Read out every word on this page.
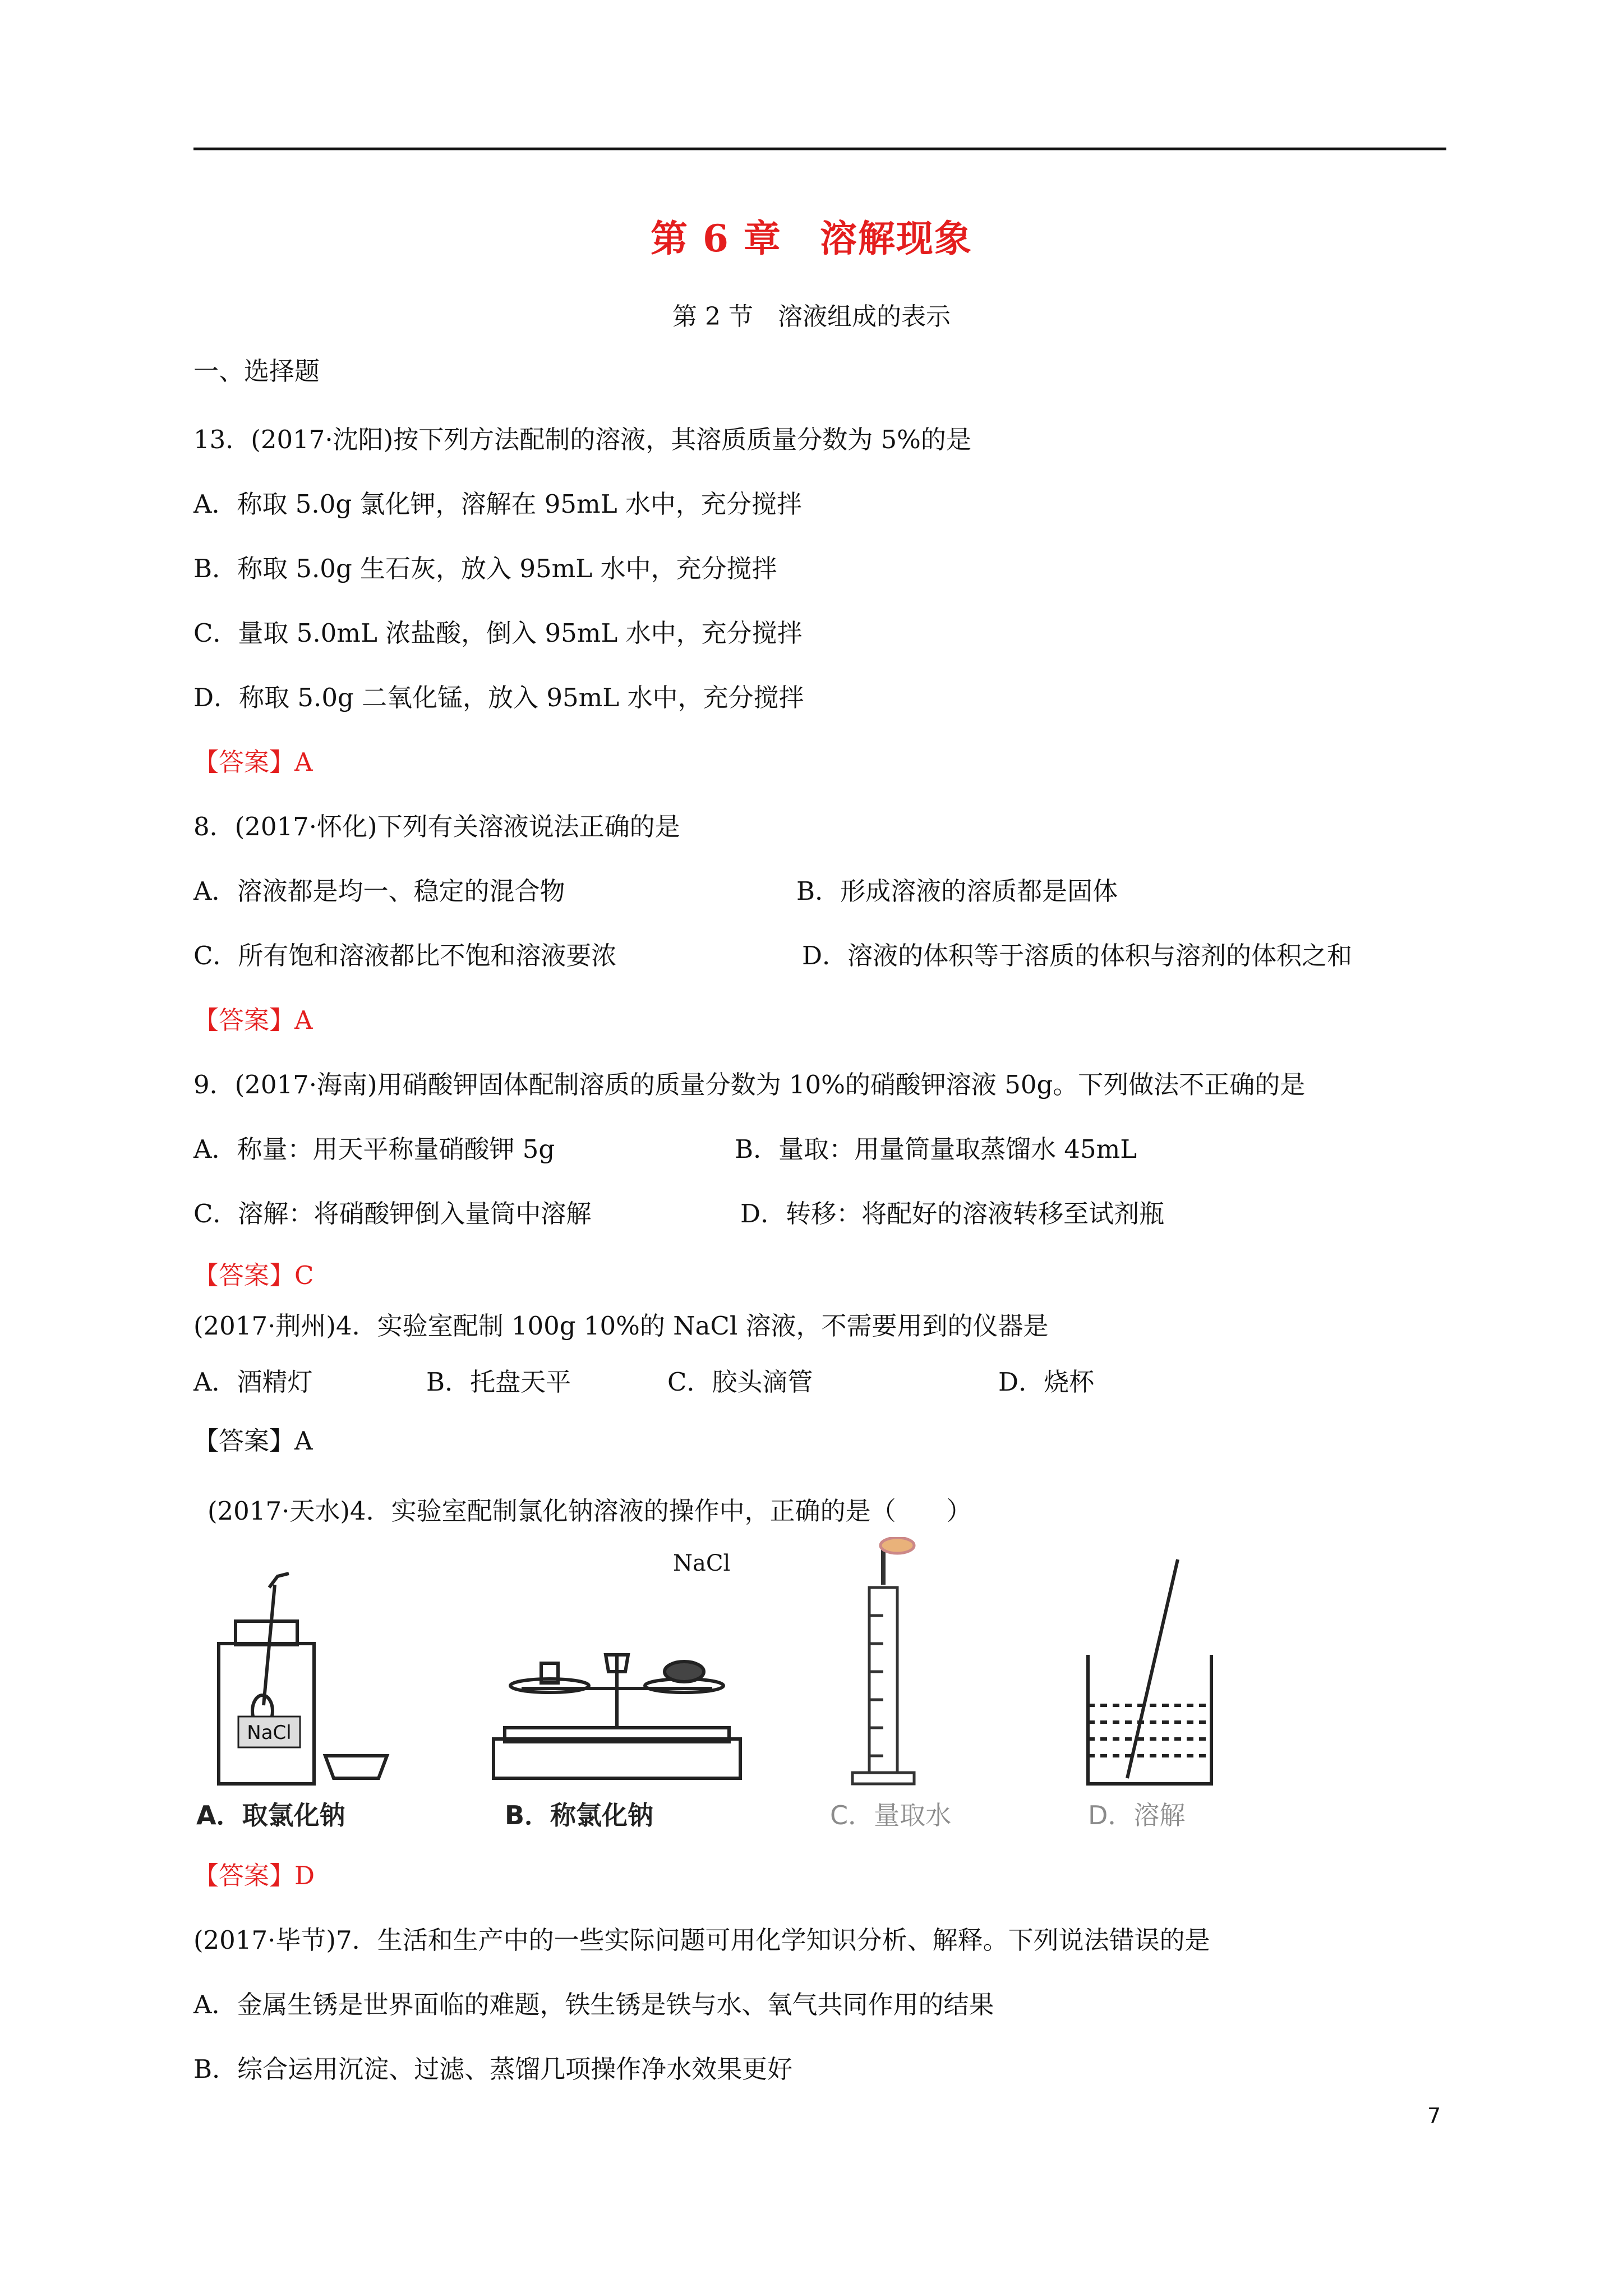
第 6 章　溶解现象
第 2 节　溶液组成的表示
一、选择题
13．(2017·沈阳)按下列方法配制的溶液，其溶质质量分数为 5%的是
A．称取 5.0g 氯化钾，溶解在 95mL 水中，充分搅拌
B．称取 5.0g 生石灰，放入 95mL 水中，充分搅拌
C．量取 5.0mL 浓盐酸，倒入 95mL 水中，充分搅拌
D．称取 5.0g 二氧化锰，放入 95mL 水中，充分搅拌
【答案】A
8．(2017·怀化)下列有关溶液说法正确的是
A．溶液都是均一、稳定的混合物	B．形成溶液的溶质都是固体
C．所有饱和溶液都比不饱和溶液要浓	D．溶液的体积等于溶质的体积与溶剂的体积之和
【答案】A
9．(2017·海南)用硝酸钾固体配制溶质的质量分数为 10%的硝酸钾溶液 50g。下列做法不正确的是
A．称量：用天平称量硝酸钾 5g	B．量取：用量筒量取蒸馏水 45mL
C．溶解：将硝酸钾倒入量筒中溶解	D．转移：将配好的溶液转移至试剂瓶
【答案】C
(2017·荆州)4．实验室配制 100g 10%的 NaCl 溶液，不需要用到的仪器是
A．酒精灯	B．托盘天平	C．胶头滴管	D．烧杯
【答案】A
(2017·天水)4．实验室配制氯化钠溶液的操作中，正确的是（　　）
NaCl
NaCl
A．取氯化钠	B．称氯化钠	C．量取水	D．溶解
【答案】D
(2017·毕节)7．生活和生产中的一些实际问题可用化学知识分析、解释。下列说法错误的是
A．金属生锈是世界面临的难题，铁生锈是铁与水、氧气共同作用的结果
B．综合运用沉淀、过滤、蒸馏几项操作净水效果更好
7
